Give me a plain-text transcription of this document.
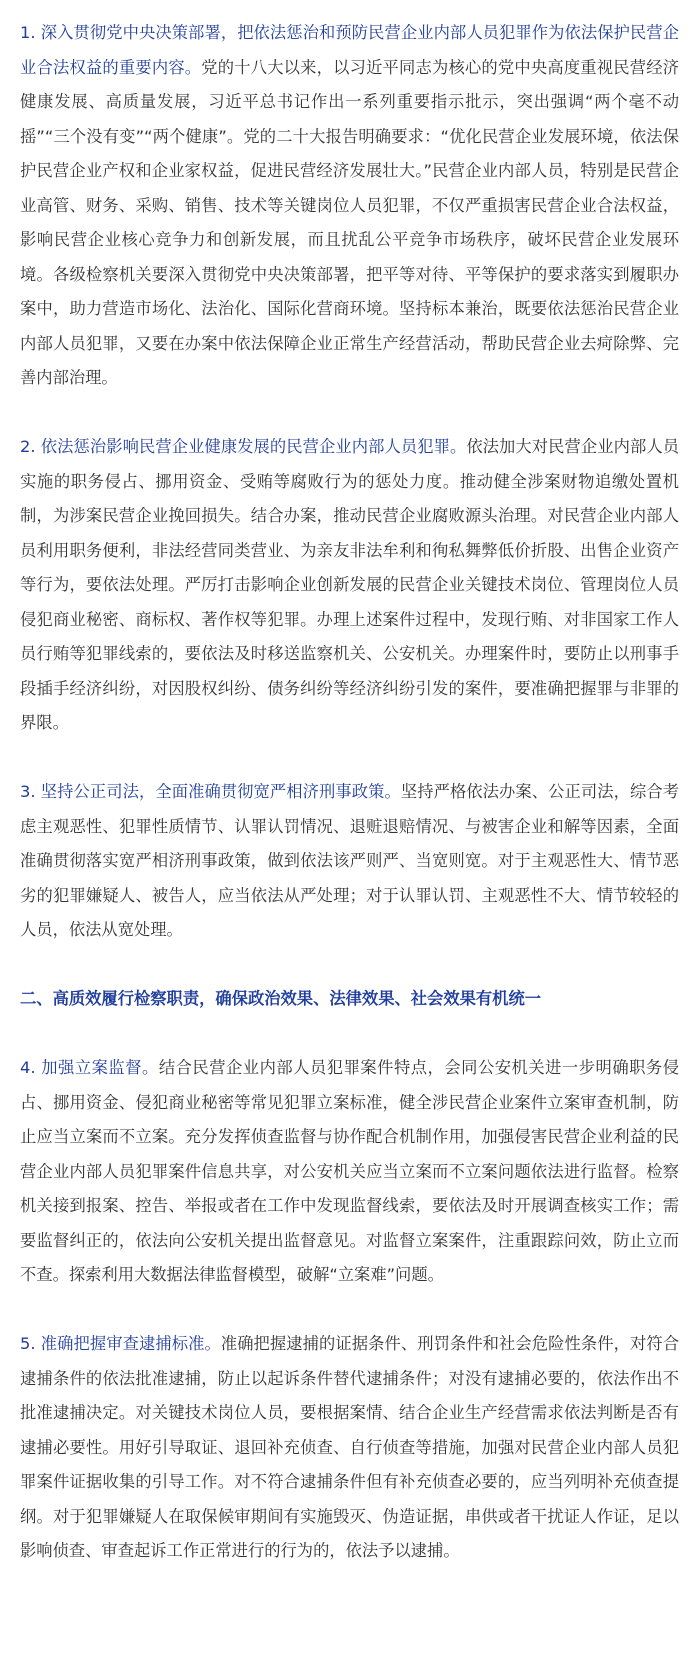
1. 深入贯彻党中央决策部署，把依法惩治和预防民营企业内部人员犯罪作为依法保护民营企业合法权益的重要内容。党的十八大以来，以习近平同志为核心的党中央高度重视民营经济健康发展、高质量发展，习近平总书记作出一系列重要指示批示，突出强调“两个毫不动摇”“三个没有变”“两个健康”。党的二十大报告明确要求：“优化民营企业发展环境，依法保护民营企业产权和企业家权益，促进民营经济发展壮大。”民营企业内部人员，特别是民营企业高管、财务、采购、销售、技术等关键岗位人员犯罪，不仅严重损害民营企业合法权益，影响民营企业核心竞争力和创新发展，而且扰乱公平竞争市场秩序，破坏民营企业发展环境。各级检察机关要深入贯彻党中央决策部署，把平等对待、平等保护的要求落实到履职办案中，助力营造市场化、法治化、国际化营商环境。坚持标本兼治，既要依法惩治民营企业内部人员犯罪，又要在办案中依法保障企业正常生产经营活动，帮助民营企业去疴除弊、完善内部治理。

2. 依法惩治影响民营企业健康发展的民营企业内部人员犯罪。依法加大对民营企业内部人员实施的职务侵占、挪用资金、受贿等腐败行为的惩处力度。推动健全涉案财物追缴处置机制，为涉案民营企业挽回损失。结合办案，推动民营企业腐败源头治理。对民营企业内部人员利用职务便利，非法经营同类营业、为亲友非法牟利和徇私舞弊低价折股、出售企业资产等行为，要依法处理。严厉打击影响企业创新发展的民营企业关键技术岗位、管理岗位人员侵犯商业秘密、商标权、著作权等犯罪。办理上述案件过程中，发现行贿、对非国家工作人员行贿等犯罪线索的，要依法及时移送监察机关、公安机关。办理案件时，要防止以刑事手段插手经济纠纷，对因股权纠纷、债务纠纷等经济纠纷引发的案件，要准确把握罪与非罪的界限。

3. 坚持公正司法，全面准确贯彻宽严相济刑事政策。坚持严格依法办案、公正司法，综合考虑主观恶性、犯罪性质情节、认罪认罚情况、退赃退赔情况、与被害企业和解等因素，全面准确贯彻落实宽严相济刑事政策，做到依法该严则严、当宽则宽。对于主观恶性大、情节恶劣的犯罪嫌疑人、被告人，应当依法从严处理；对于认罪认罚、主观恶性不大、情节较轻的人员，依法从宽处理。

二、高质效履行检察职责，确保政治效果、法律效果、社会效果有机统一

4. 加强立案监督。结合民营企业内部人员犯罪案件特点，会同公安机关进一步明确职务侵占、挪用资金、侵犯商业秘密等常见犯罪立案标准，健全涉民营企业案件立案审查机制，防止应当立案而不立案。充分发挥侦查监督与协作配合机制作用，加强侵害民营企业利益的民营企业内部人员犯罪案件信息共享，对公安机关应当立案而不立案问题依法进行监督。检察机关接到报案、控告、举报或者在工作中发现监督线索，要依法及时开展调查核实工作；需要监督纠正的，依法向公安机关提出监督意见。对监督立案案件，注重跟踪问效，防止立而不查。探索利用大数据法律监督模型，破解“立案难”问题。

5. 准确把握审查逮捕标准。准确把握逮捕的证据条件、刑罚条件和社会危险性条件，对符合逮捕条件的依法批准逮捕，防止以起诉条件替代逮捕条件；对没有逮捕必要的，依法作出不批准逮捕决定。对关键技术岗位人员，要根据案情、结合企业生产经营需求依法判断是否有逮捕必要性。用好引导取证、退回补充侦查、自行侦查等措施，加强对民营企业内部人员犯罪案件证据收集的引导工作。对不符合逮捕条件但有补充侦查必要的，应当列明补充侦查提纲。对于犯罪嫌疑人在取保候审期间有实施毁灭、伪造证据，串供或者干扰证人作证，足以影响侦查、审查起诉工作正常进行的行为的，依法予以逮捕。
